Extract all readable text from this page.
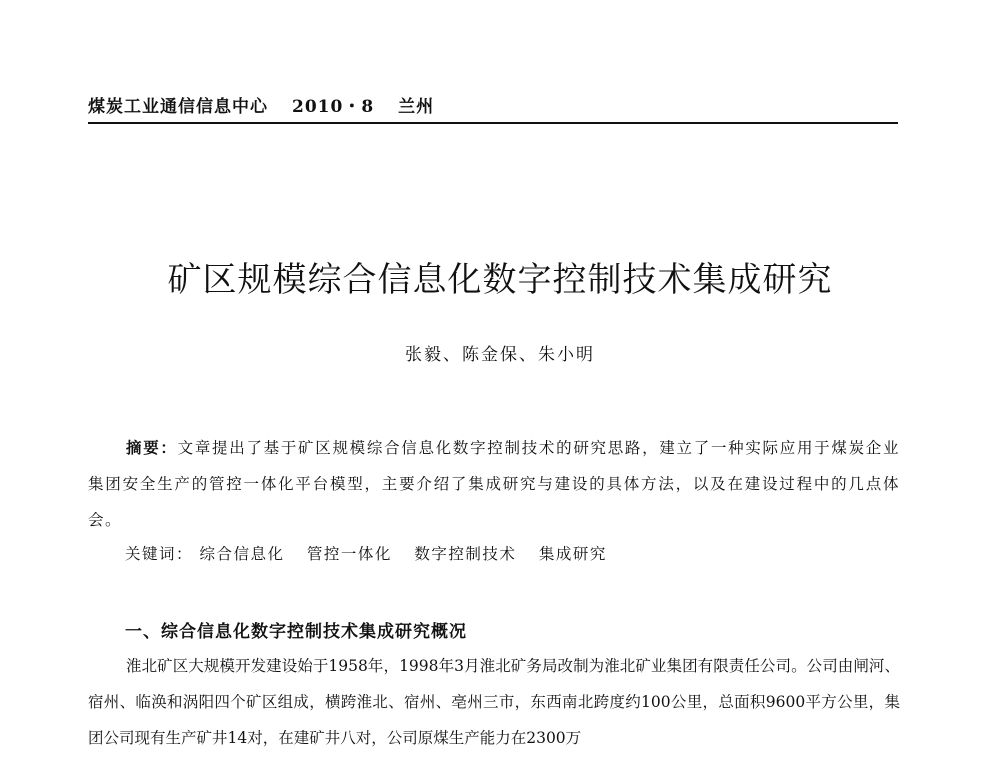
煤炭工业通信信息中心 2010・8 兰州
矿区规模综合信息化数字控制技术集成研究
张毅、陈金保、朱小明

摘要：文章提出了基于矿区规模综合信息化数字控制技术的研究思路，建立了一种实际应用于煤炭企业集团安全生产的管控一体化平台模型，主要介绍了集成研究与建设的具体方法，以及在建设过程中的几点体会。

关键词： 综合信息化 管控一体化 数字控制技术 集成研究
一、综合信息化数字控制技术集成研究概况

淮北矿区大规模开发建设始于1958年，1998年3月淮北矿务局改制为淮北矿业集团有限责任公司。公司由闸河、宿州、临涣和涡阳四个矿区组成，横跨淮北、宿州、亳州三市，东西南北跨度约100公里，总面积9600平方公里，集团公司现有生产矿井14对，在建矿井八对，公司原煤生产能力在2300万
